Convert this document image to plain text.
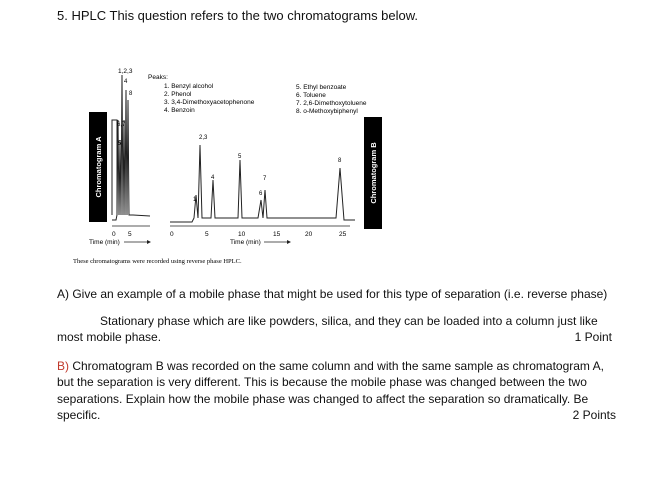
5. HPLC This question refers to the two chromatograms below.
Peaks:
1. Benzyl alcohol
2. Phenol
3. 3,4-Dimethoxyacetophenone
4. Benzoin
5. Ethyl benzoate
6. Toluene
7. 2,6-Dimethoxytoluene
8. o-Methoxybiphenyl
Chromatogram A
1,2,3
4
8
6,7
5
0 5
Time (min)
1
2,3
4
5
6
7
8
0	5	10	15	20	25
Time (min)
Chromatogram B
These chromatograms were recorded using reverse phase HPLC.
A) Give an example of a mobile phase that might be used for this type of separation (i.e. reverse phase)
Stationary phase which are like powders, silica, and they can be loaded into a column just like
most mobile phase.	1 Point
B) Chromatogram B was recorded on the same column and with the same sample as chromatogram A,
but the separation is very different. This is because the mobile phase was changed between the two
separations. Explain how the mobile phase was changed to affect the separation so dramatically. Be
specific.	2 Points
